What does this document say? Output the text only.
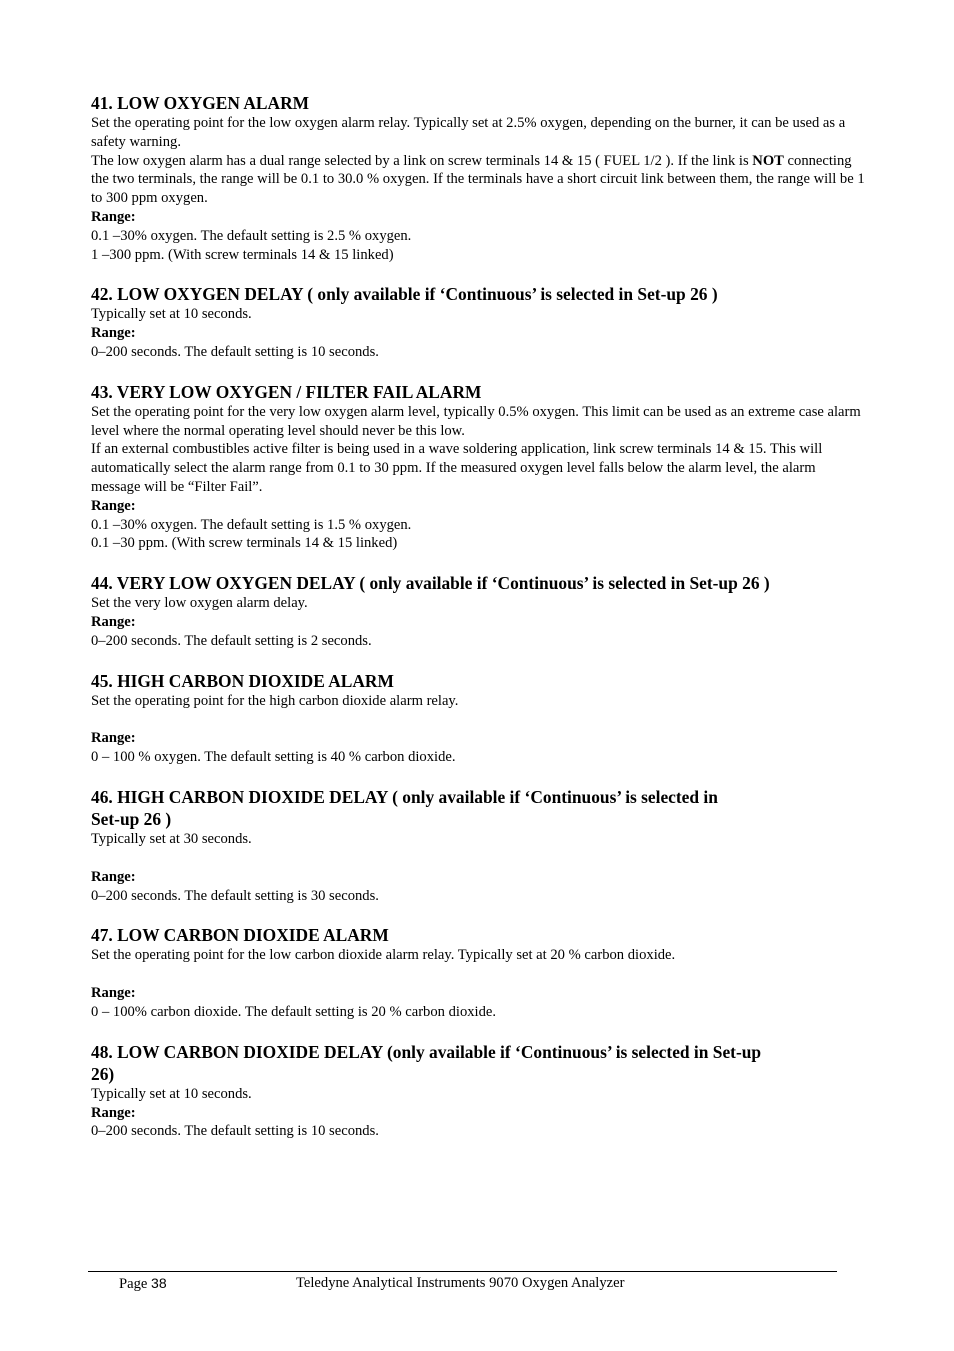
41. LOW OXYGEN ALARM

Set the operating point for the low oxygen alarm relay. Typically set at 2.5% oxygen, depending on the burner, it can be used as a safety warning.

The low oxygen alarm has a dual range selected by a link on screw terminals 14 & 15 ( FUEL 1/2 ). If the link is NOT connecting the two terminals, the range will be 0.1 to 30.0 % oxygen. If the terminals have a short circuit link between them, the range will be 1 to 300 ppm oxygen.

Range:

0.1 –30% oxygen. The default setting is 2.5 % oxygen.

1 –300 ppm. (With screw terminals 14 & 15 linked)

42. LOW OXYGEN DELAY ( only available if ‘Continuous’ is selected in Set-up 26 )

Typically set at 10 seconds.

Range:

0–200 seconds. The default setting is 10 seconds.

43. VERY LOW OXYGEN / FILTER FAIL ALARM

Set the operating point for the very low oxygen alarm level, typically 0.5% oxygen. This limit can be used as an extreme case alarm level where the normal operating level should never be this low.

If an external combustibles active filter is being used in a wave soldering application, link screw terminals 14 & 15. This will automatically select the alarm range from 0.1 to 30 ppm. If the measured oxygen level falls below the alarm level, the alarm message will be “Filter Fail”.

Range:

0.1 –30% oxygen. The default setting is 1.5 % oxygen.

0.1 –30 ppm. (With screw terminals 14 & 15 linked)

44. VERY LOW OXYGEN DELAY ( only available if ‘Continuous’ is selected in Set-up 26 )

Set the very low oxygen alarm delay.

Range:

0–200 seconds. The default setting is 2 seconds.

45. HIGH CARBON DIOXIDE ALARM

Set the operating point for the high carbon dioxide alarm relay.

Range:

0 – 100 % oxygen. The default setting is 40 % carbon dioxide.

46. HIGH CARBON DIOXIDE DELAY ( only available if ‘Continuous’ is selected in
Set-up 26 )

Typically set at 30 seconds.

Range:

0–200 seconds. The default setting is 30 seconds.

47. LOW CARBON DIOXIDE ALARM

Set the operating point for the low carbon dioxide alarm relay. Typically set at 20 % carbon dioxide.

Range:

0 – 100% carbon dioxide. The default setting is 20 % carbon dioxide.

48. LOW CARBON DIOXIDE DELAY (only available if ‘Continuous’ is selected in Set-up
26)

Typically set at 10 seconds.

Range:

0–200 seconds. The default setting is 10 seconds.

Page 38	Teledyne Analytical Instruments 9070 Oxygen Analyzer
